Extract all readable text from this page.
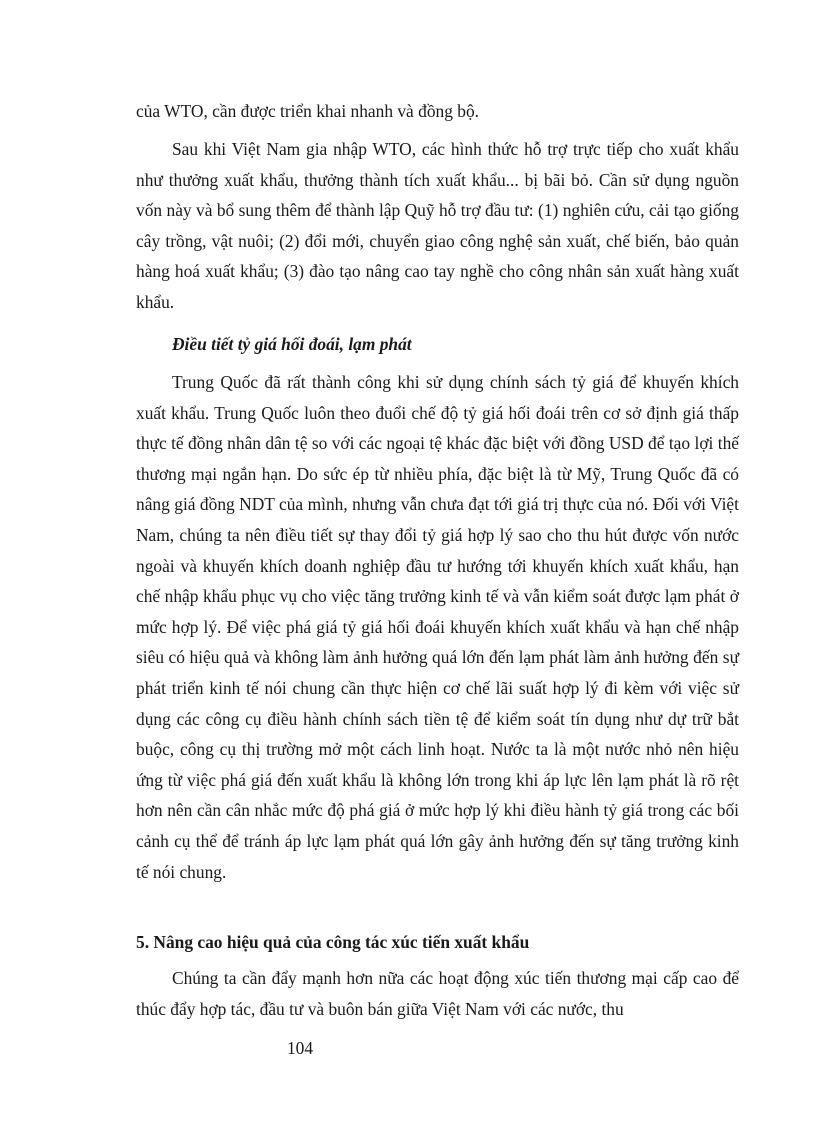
của WTO, cần được triển khai nhanh và đồng bộ.

Sau khi Việt Nam gia nhập WTO, các hình thức hỗ trợ trực tiếp cho xuất khẩu như thưởng xuất khẩu, thưởng thành tích xuất khẩu... bị bãi bỏ. Cần sử dụng nguồn vốn này và bổ sung thêm để thành lập Quỹ hỗ trợ đầu tư: (1) nghiên cứu, cải tạo giống cây trồng, vật nuôi; (2) đổi mới, chuyển giao công nghệ sản xuất, chế biến, bảo quản hàng hoá xuất khẩu; (3) đào tạo nâng cao tay nghề cho công nhân sản xuất hàng xuất khẩu.

Điều tiết tỷ giá hối đoái, lạm phát

Trung Quốc đã rất thành công khi sử dụng chính sách tỷ giá để khuyến khích xuất khẩu. Trung Quốc luôn theo đuổi chế độ tỷ giá hối đoái trên cơ sở định giá thấp thực tế đồng nhân dân tệ so với các ngoại tệ khác đặc biệt với đồng USD để tạo lợi thế thương mại ngắn hạn. Do sức ép từ nhiều phía, đặc biệt là từ Mỹ, Trung Quốc đã có nâng giá đồng NDT của mình, nhưng vẫn chưa đạt tới giá trị thực của nó. Đối với Việt Nam, chúng ta nên điều tiết sự thay đổi tỷ giá hợp lý sao cho thu hút được vốn nước ngoài và khuyến khích doanh nghiệp đầu tư hướng tới khuyến khích xuất khẩu, hạn chế nhập khẩu phục vụ cho việc tăng trưởng kinh tế và vẫn kiểm soát được lạm phát ở mức hợp lý. Để việc phá giá tỷ giá hối đoái khuyến khích xuất khẩu và hạn chế nhập siêu có hiệu quả và không làm ảnh hưởng quá lớn đến lạm phát làm ảnh hưởng đến sự phát triển kinh tế nói chung cần thực hiện cơ chế lãi suất hợp lý đi kèm với việc sử dụng các công cụ điều hành chính sách tiền tệ để kiểm soát tín dụng như dự trữ bắt buộc, công cụ thị trường mở một cách linh hoạt. Nước ta là một nước nhỏ nên hiệu ứng từ việc phá giá đến xuất khẩu là không lớn trong khi áp lực lên lạm phát là rõ rệt hơn nên cần cân nhắc mức độ phá giá ở mức hợp lý khi điều hành tỷ giá trong các bối cảnh cụ thể để tránh áp lực lạm phát quá lớn gây ảnh hưởng đến sự tăng trưởng kinh tế nói chung.

5. Nâng cao hiệu quả của công tác xúc tiến xuất khẩu

Chúng ta cần đẩy mạnh hơn nữa các hoạt động xúc tiến thương mại cấp cao để thúc đẩy hợp tác, đầu tư và buôn bán giữa Việt Nam với các nước, thu

104
